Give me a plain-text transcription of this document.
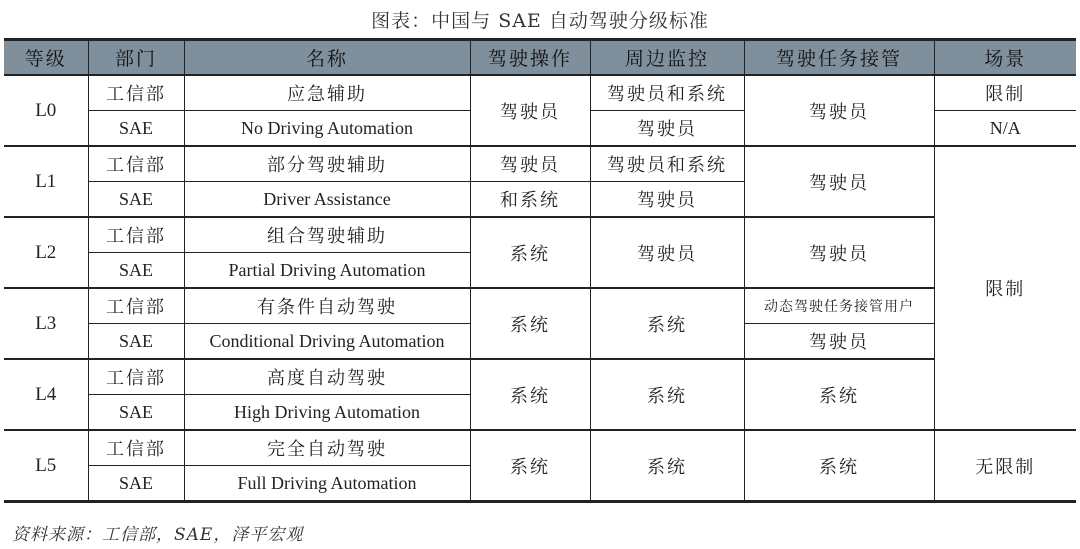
图表：中国与 SAE 自动驾驶分级标准
等级	部门	名称	驾驶操作	周边监控	驾驶任务接管	场景
L0	工信部	应急辅助	驾驶员	驾驶员和系统	驾驶员	限制
	SAE	No Driving Automation		驾驶员		N/A
L1	工信部	部分驾驶辅助	驾驶员	驾驶员和系统	驾驶员	限制
	SAE	Driver Assistance	和系统	驾驶员		
L2	工信部	组合驾驶辅助	系统	驾驶员	驾驶员	
	SAE	Partial Driving Automation				
L3	工信部	有条件自动驾驶	系统	系统	动态驾驶任务接管用户	
	SAE	Conditional Driving Automation			驾驶员	
L4	工信部	高度自动驾驶	系统	系统	系统	
	SAE	High Driving Automation				
L5	工信部	完全自动驾驶	系统	系统	系统	无限制
	SAE	Full Driving Automation				
资料来源：工信部，SAE，泽平宏观
